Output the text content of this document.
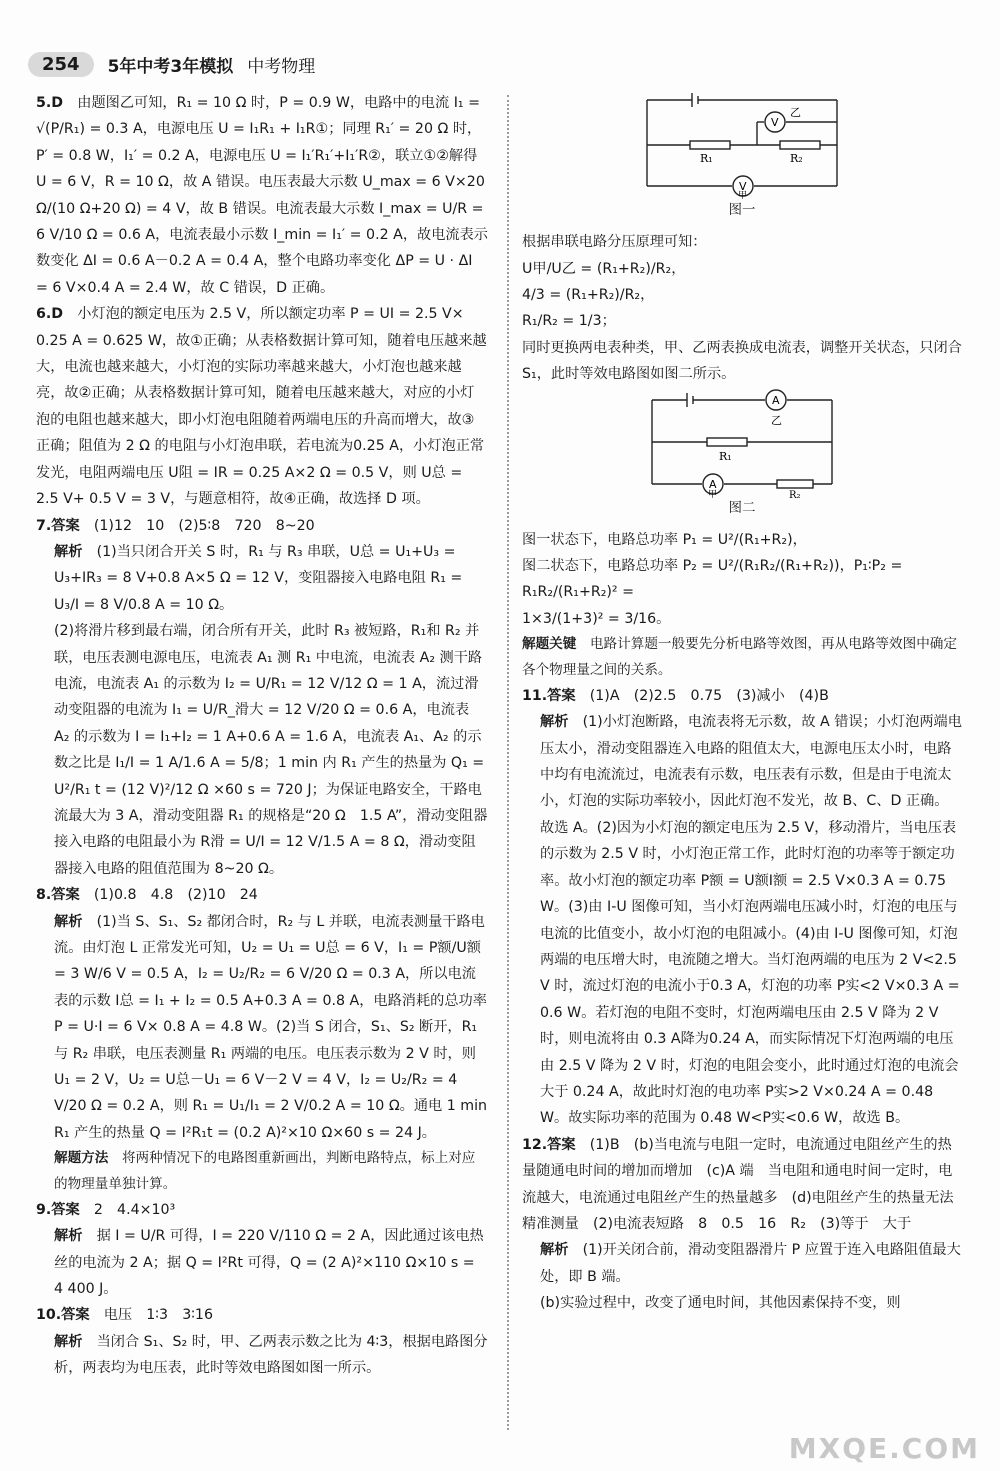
254	5年中考3年模拟 中考物理

5.D　 由题图乙可知，R₁ = 10 Ω 时，P = 0.9 W，电路中的电流 I₁ = √(P/R₁) = 0.3 A，电源电压 U = I₁R₁ + I₁R①；同理 R₁′ = 20 Ω 时，P′ = 0.8 W，I₁′ = 0.2 A，电源电压 U = I₁′R₁′+I₁′R②，联立①②解得 U = 6 V，R = 10 Ω，故 A 错误。电压表最大示数 U_max = 6 V×20 Ω/(10 Ω+20 Ω) = 4 V，故 B 错误。电流表最大示数 I_max = U/R = 6 V/10 Ω = 0.6 A，电流表最小示数 I_min = I₁′ = 0.2 A，故电流表示数变化 ΔI = 0.6 A－0.2 A = 0.4 A，整个电路功率变化 ΔP = U · ΔI = 6 V×0.4 A = 2.4 W，故 C 错误，D 正确。

6.D　 小灯泡的额定电压为 2.5 V，所以额定功率 P = UI = 2.5 V× 0.25 A = 0.625 W，故①正确；从表格数据计算可知，随着电压越来越大，电流也越来越大，小灯泡的实际功率越来越大，小灯泡也越来越亮，故②正确；从表格数据计算可知，随着电压越来越大，对应的小灯泡的电阻也越来越大，即小灯泡电阻随着两端电压的升高而增大，故③正确；阻值为 2 Ω 的电阻与小灯泡串联，若电流为0.25 A，小灯泡正常发光，电阻两端电压 U阻 = IR = 0.25 A×2 Ω = 0.5 V，则 U总 = 2.5 V+ 0.5 V = 3 V，与题意相符，故④正确，故选择 D 项。

7.答案　 (1)12　10　(2)5∶8　720　8~20

解析　 (1)当只闭合开关 S 时，R₁ 与 R₃ 串联，U总 = U₁+U₃ = U₃+IR₃ = 8 V+0.8 A×5 Ω = 12 V，变阻器接入电路电阻 R₁ = U₃/I = 8 V/0.8 A = 10 Ω。

(2)将滑片移到最右端，闭合所有开关，此时 R₃ 被短路，R₁和 R₂ 并联，电压表测电源电压，电流表 A₁ 测 R₁ 中电流，电流表 A₂ 测干路电流，电流表 A₁ 的示数为 I₂ = U/R₁ = 12 V/12 Ω = 1 A，流过滑动变阻器的电流为 I₁ = U/R_滑大 = 12 V/20 Ω = 0.6 A，电流表 A₂ 的示数为 I = I₁+I₂ = 1 A+0.6 A = 1.6 A，电流表 A₁、A₂ 的示数之比是 I₁/I = 1 A/1.6 A = 5/8；1 min 内 R₁ 产生的热量为 Q₁ = U²/R₁ t = (12 V)²/12 Ω ×60 s = 720 J；为保证电路安全，干路电流最大为 3 A，滑动变阻器 R₁ 的规格是“20 Ω　1.5 A”，滑动变阻器接入电路的电阻最小为 R滑 = U/I = 12 V/1.5 A = 8 Ω，滑动变阻器接入电路的阻值范围为 8~20 Ω。

8.答案　 (1)0.8　4.8　(2)10　24

解析　 (1)当 S、S₁、S₂ 都闭合时，R₂ 与 L 并联，电流表测量干路电流。由灯泡 L 正常发光可知，U₂ = U₁ = U总 = 6 V，I₁ = P额/U额 = 3 W/6 V = 0.5 A，I₂ = U₂/R₂ = 6 V/20 Ω = 0.3 A，所以电流表的示数 I总 = I₁ + I₂ = 0.5 A+0.3 A = 0.8 A，电路消耗的总功率 P = U·I = 6 V× 0.8 A = 4.8 W。(2)当 S 闭合，S₁、S₂ 断开，R₁ 与 R₂ 串联，电压表测量 R₁ 两端的电压。电压表示数为 2 V 时，则 U₁ = 2 V，U₂ = U总－U₁ = 6 V－2 V = 4 V，I₂ = U₂/R₂ = 4 V/20 Ω = 0.2 A，则 R₁ = U₁/I₁ = 2 V/0.2 A = 10 Ω。通电 1 min R₁ 产生的热量 Q = I²R₁t = (0.2 A)²×10 Ω×60 s = 24 J。

解题方法　 将两种情况下的电路图重新画出，判断电路特点，标上对应的物理量单独计算。

9.答案　 2　4.4×10³

解析　 据 I = U/R 可得，I = 220 V/110 Ω = 2 A，因此通过该电热丝的电流为 2 A；据 Q = I²Rt 可得，Q = (2 A)²×110 Ω×10 s = 4 400 J。

10.答案　 电压　1∶3　3∶16

解析　 当闭合 S₁、S₂ 时，甲、乙两表示数之比为 4∶3，根据电路图分析，两表均为电压表，此时等效电路图如图一所示。

V
乙
V
甲
R₁	R₂
图一

根据串联电路分压原理可知：

U甲/U乙 = (R₁+R₂)/R₂，

4/3 = (R₁+R₂)/R₂，

R₁/R₂ = 1/3；

同时更换两电表种类，甲、乙两表换成电流表，调整开关状态，只闭合 S₁，此时等效电路图如图二所示。

A
乙
A
甲
R₁
R₂
图二

图一状态下，电路总功率 P₁ = U²/(R₁+R₂)，

图二状态下，电路总功率 P₂ = U²/(R₁R₂/(R₁+R₂))，P₁∶P₂ = R₁R₂/(R₁+R₂)² =

1×3/(1+3)² = 3/16。

解题关键　 电路计算题一般要先分析电路等效图，再从电路等效图中确定各个物理量之间的关系。

11.答案　 (1)A　(2)2.5　0.75　(3)减小　(4)B

解析　 (1)小灯泡断路，电流表将无示数，故 A 错误；小灯泡两端电压太小，滑动变阻器连入电路的阻值太大，电源电压太小时，电路中均有电流流过，电流表有示数，电压表有示数，但是由于电流太小，灯泡的实际功率较小，因此灯泡不发光，故 B、C、D 正确。故选 A。(2)因为小灯泡的额定电压为 2.5 V，移动滑片，当电压表的示数为 2.5 V 时，小灯泡正常工作，此时灯泡的功率等于额定功率。故小灯泡的额定功率 P额 = U额I额 = 2.5 V×0.3 A = 0.75 W。(3)由 I-U 图像可知，当小灯泡两端电压减小时，灯泡的电压与电流的比值变小，故小灯泡的电阻减小。(4)由 I-U 图像可知，灯泡两端的电压增大时，电流随之增大。当灯泡两端的电压为 2 V<2.5 V 时，流过灯泡的电流小于0.3 A，灯泡的功率 P实<2 V×0.3 A = 0.6 W。若灯泡的电阻不变时，灯泡两端电压由 2.5 V 降为 2 V 时，则电流将由 0.3 A降为0.24 A，而实际情况下灯泡两端的电压由 2.5 V 降为 2 V 时，灯泡的电阻会变小，此时通过灯泡的电流会大于 0.24 A，故此时灯泡的电功率 P实>2 V×0.24 A = 0.48 W。故实际功率的范围为 0.48 W<P实<0.6 W，故选 B。

12.答案　 (1)B　(b)当电流与电阻一定时，电流通过电阻丝产生的热量随通电时间的增加而增加　(c)A 端　当电阻和通电时间一定时，电流越大，电流通过电阻丝产生的热量越多　(d)电阻丝产生的热量无法精准测量　(2)电流表短路　8　0.5　16　R₂　(3)等于　大于

解析　 (1)开关闭合前，滑动变阻器滑片 P 应置于连入电路阻值最大处，即 B 端。

(b)实验过程中，改变了通电时间，其他因素保持不变，则

MXQE.COM
